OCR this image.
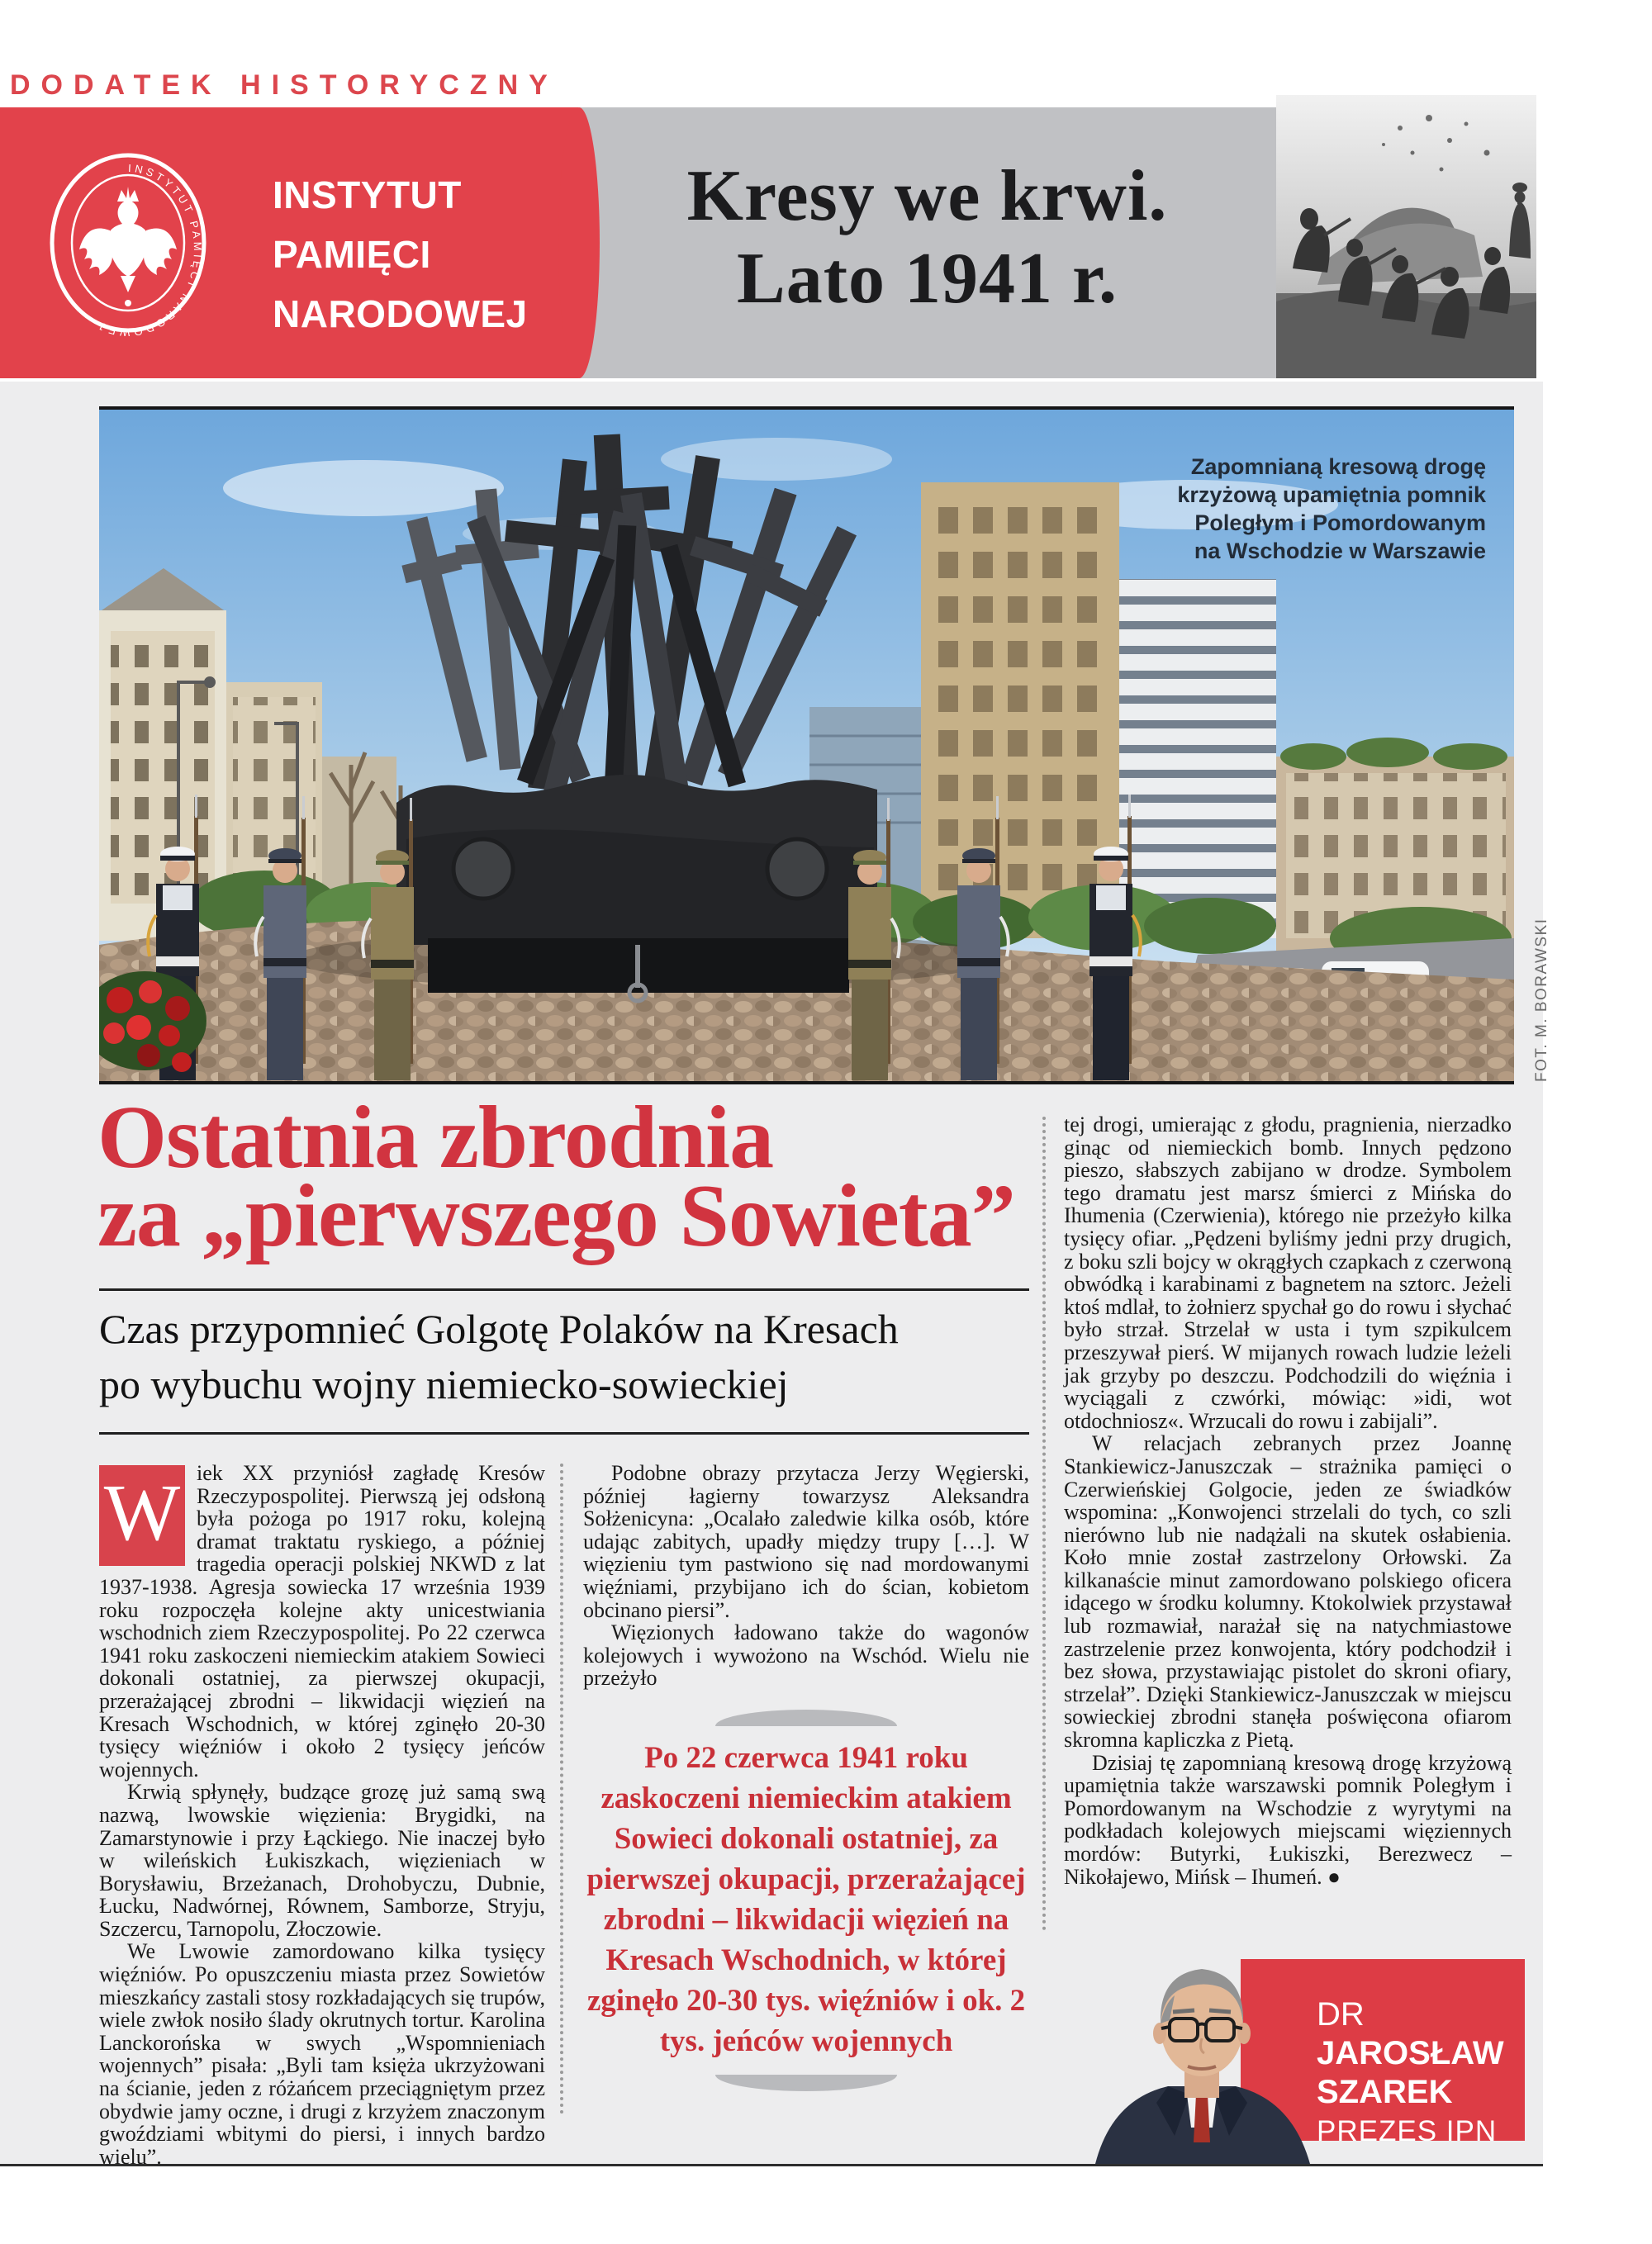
DODATEK HISTORYCZNY
INSTYTUT PAMIĘCI NARODOWEJ •
INSTYTUT
PAMIĘCI
NARODOWEJ
Kresy we krwi.
Lato 1941 r.
Zapomnianą kresową drogę
krzyżową upamiętnia pomnik
Poległym i Pomordowanym
na Wschodzie w Warszawie
FOT. M. BORAWSKI
Ostatnia zbrodnia
za „pierwszego Sowieta”
Czas przypomnieć Golgotę Polaków na Kresach
po wybuchu wojny niemiecko-sowieckiej

W iek XX przyniósł zagładę Kresów Rzeczypospolitej. Pierwszą jej odsłoną była pożoga po 1917 roku, kolejną dramat traktatu ryskiego, a później tragedia operacji polskiej NKWD z lat 1937-1938. Agresja sowiecka 17 września 1939 roku rozpoczęła kolejne akty unicestwiania wschodnich ziem Rzeczypospolitej. Po 22 czerwca 1941 roku zaskoczeni niemieckim atakiem Sowieci dokonali ostatniej, za pierwszej okupacji, przerażającej zbrodni – likwidacji więzień na Kresach Wschodnich, w której zginęło 20-30 tysięcy więźniów i około 2 tysięcy jeńców wojennych.

Krwią spłynęły, budzące grozę już samą swą nazwą, lwowskie więzienia: Brygidki, na Zamarstynowie i przy Łąckiego. Nie inaczej było w wileńskich Łukiszkach, więzieniach w Borysławiu, Brzeżanach, Drohobyczu, Dubnie, Łucku, Nadwórnej, Równem, Samborze, Stryju, Szczercu, Tarnopolu, Złoczowie.

We Lwowie zamordowano kilka tysięcy więźniów. Po opuszczeniu miasta przez Sowietów mieszkańcy zastali stosy rozkładających się trupów, wiele zwłok nosiło ślady okrutnych tortur. Karolina Lanckorońska w swych „Wspomnieniach wojennych” pisała: „Byli tam księża ukrzyżowani na ścianie, jeden z różańcem przeciągniętym przez obydwie jamy oczne, i drugi z krzyżem znaczonym gwoździami wbitymi do piersi, i innych bardzo wielu”.

Podobne obrazy przytacza Jerzy Węgierski, później łagierny towarzysz Aleksandra Sołżenicyna: „Ocalało zaledwie kilka osób, które udając zabitych, upadły między trupy […]. W więzieniu tym pastwiono się nad mordowanymi więźniami, przybijano ich do ścian, kobietom obcinano piersi”.

Więzionych ładowano także do wagonów kolejowych i wywożono na Wschód. Wielu nie przeżyło

Po 22 czerwca 1941 roku zaskoczeni niemieckim atakiem Sowieci dokonali ostatniej, za pierwszej okupacji, przerażającej zbrodni – likwidacji więzień na Kresach Wschodnich, w której zginęło 20-30 tys. więźniów i ok. 2 tys. jeńców wojennych

tej drogi, umierając z głodu, pragnienia, nierzadko ginąc od niemieckich bomb. Innych pędzono pieszo, słabszych zabijano w drodze. Symbolem tego dramatu jest marsz śmierci z Mińska do Ihumenia (Czerwienia), którego nie przeżyło kilka tysięcy ofiar. „Pędzeni byliśmy jedni przy drugich, z boku szli bojcy w okrągłych czapkach z czerwoną obwódką i karabinami z bagnetem na sztorc. Jeżeli ktoś mdlał, to żołnierz spychał go do rowu i słychać było strzał. Strzelał w usta i tym szpikulcem przeszywał pierś. W mijanych rowach ludzie leżeli jak grzyby po deszczu. Podchodzili do więźnia i wyciągali z czwórki, mówiąc: »idi, wot otdochniosz«. Wrzucali do rowu i zabijali”.

W relacjach zebranych przez Joannę Stankiewicz-Januszczak – strażnika pamięci o Czerwieńskiej Golgocie, jeden ze świadków wspomina: „Konwojenci strzelali do tych, co szli nierówno lub nie nadążali na skutek osłabienia. Koło mnie został zastrzelony Orłowski. Za kilkanaście minut zamordowano polskiego oficera idącego w środku kolumny. Ktokolwiek przystawał lub rozmawiał, narażał się na natychmiastowe zastrzelenie przez konwojenta, który podchodził i bez słowa, przystawiając pistolet do skroni ofiary, strzelał”. Dzięki Stankiewicz-Januszczak w miejscu sowieckiej zbrodni stanęła poświęcona ofiarom skromna kapliczka z Pietą.

Dzisiaj tę zapomnianą kresową drogę krzyżową upamiętnia także warszawski pomnik Poległym i Pomordowanym na Wschodzie z wyrytymi na podkładach kolejowych miejscami więziennych mordów: Butyrki, Łukiszki, Berezwecz – Nikołajewo, Mińsk – Ihumeń. ●

DR JAROSŁAW
SZAREK
PREZES IPN
